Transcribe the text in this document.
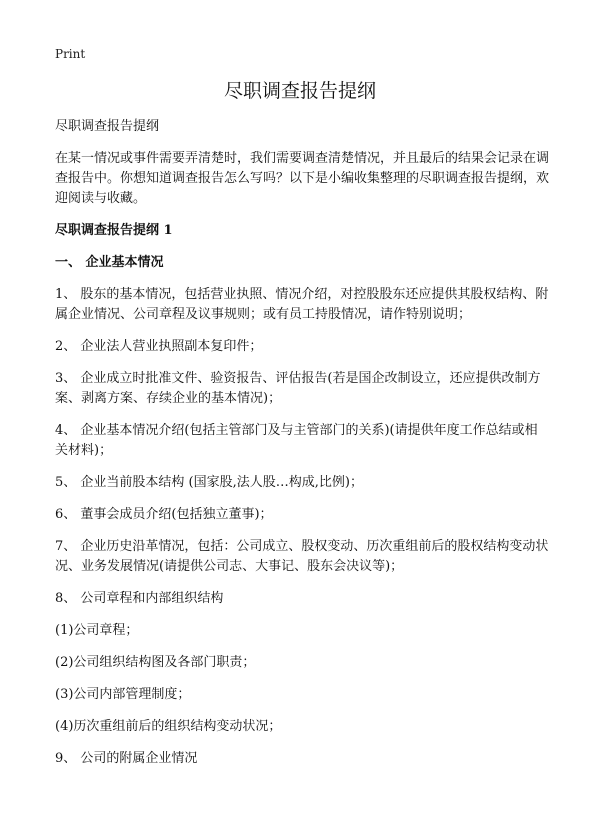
Print
尽职调查报告提纲

尽职调查报告提纲

在某一情况或事件需要弄清楚时，我们需要调查清楚情况，并且最后的结果会记录在调查报告中。你想知道调查报告怎么写吗？以下是小编收集整理的尽职调查报告提纲，欢迎阅读与收藏。

尽职调查报告提纲 1

一、 企业基本情况

1、 股东的基本情况，包括营业执照、情况介绍，对控股股东还应提供其股权结构、附属企业情况、公司章程及议事规则；或有员工持股情况，请作特别说明；

2、 企业法人营业执照副本复印件；

3、 企业成立时批准文件、验资报告、评估报告(若是国企改制设立，还应提供改制方案、剥离方案、存续企业的基本情况)；

4、 企业基本情况介绍(包括主管部门及与主管部门的关系)(请提供年度工作总结或相关材料)；

5、 企业当前股本结构 (国家股,法人股…构成,比例)；

6、 董事会成员介绍(包括独立董事)；

7、 企业历史沿革情况，包括：公司成立、股权变动、历次重组前后的股权结构变动状况、业务发展情况(请提供公司志、大事记、股东会决议等)；

8、 公司章程和内部组织结构

(1)公司章程；

(2)公司组织结构图及各部门职责；

(3)公司内部管理制度；

(4)历次重组前后的组织结构变动状况；

9、 公司的附属企业情况
